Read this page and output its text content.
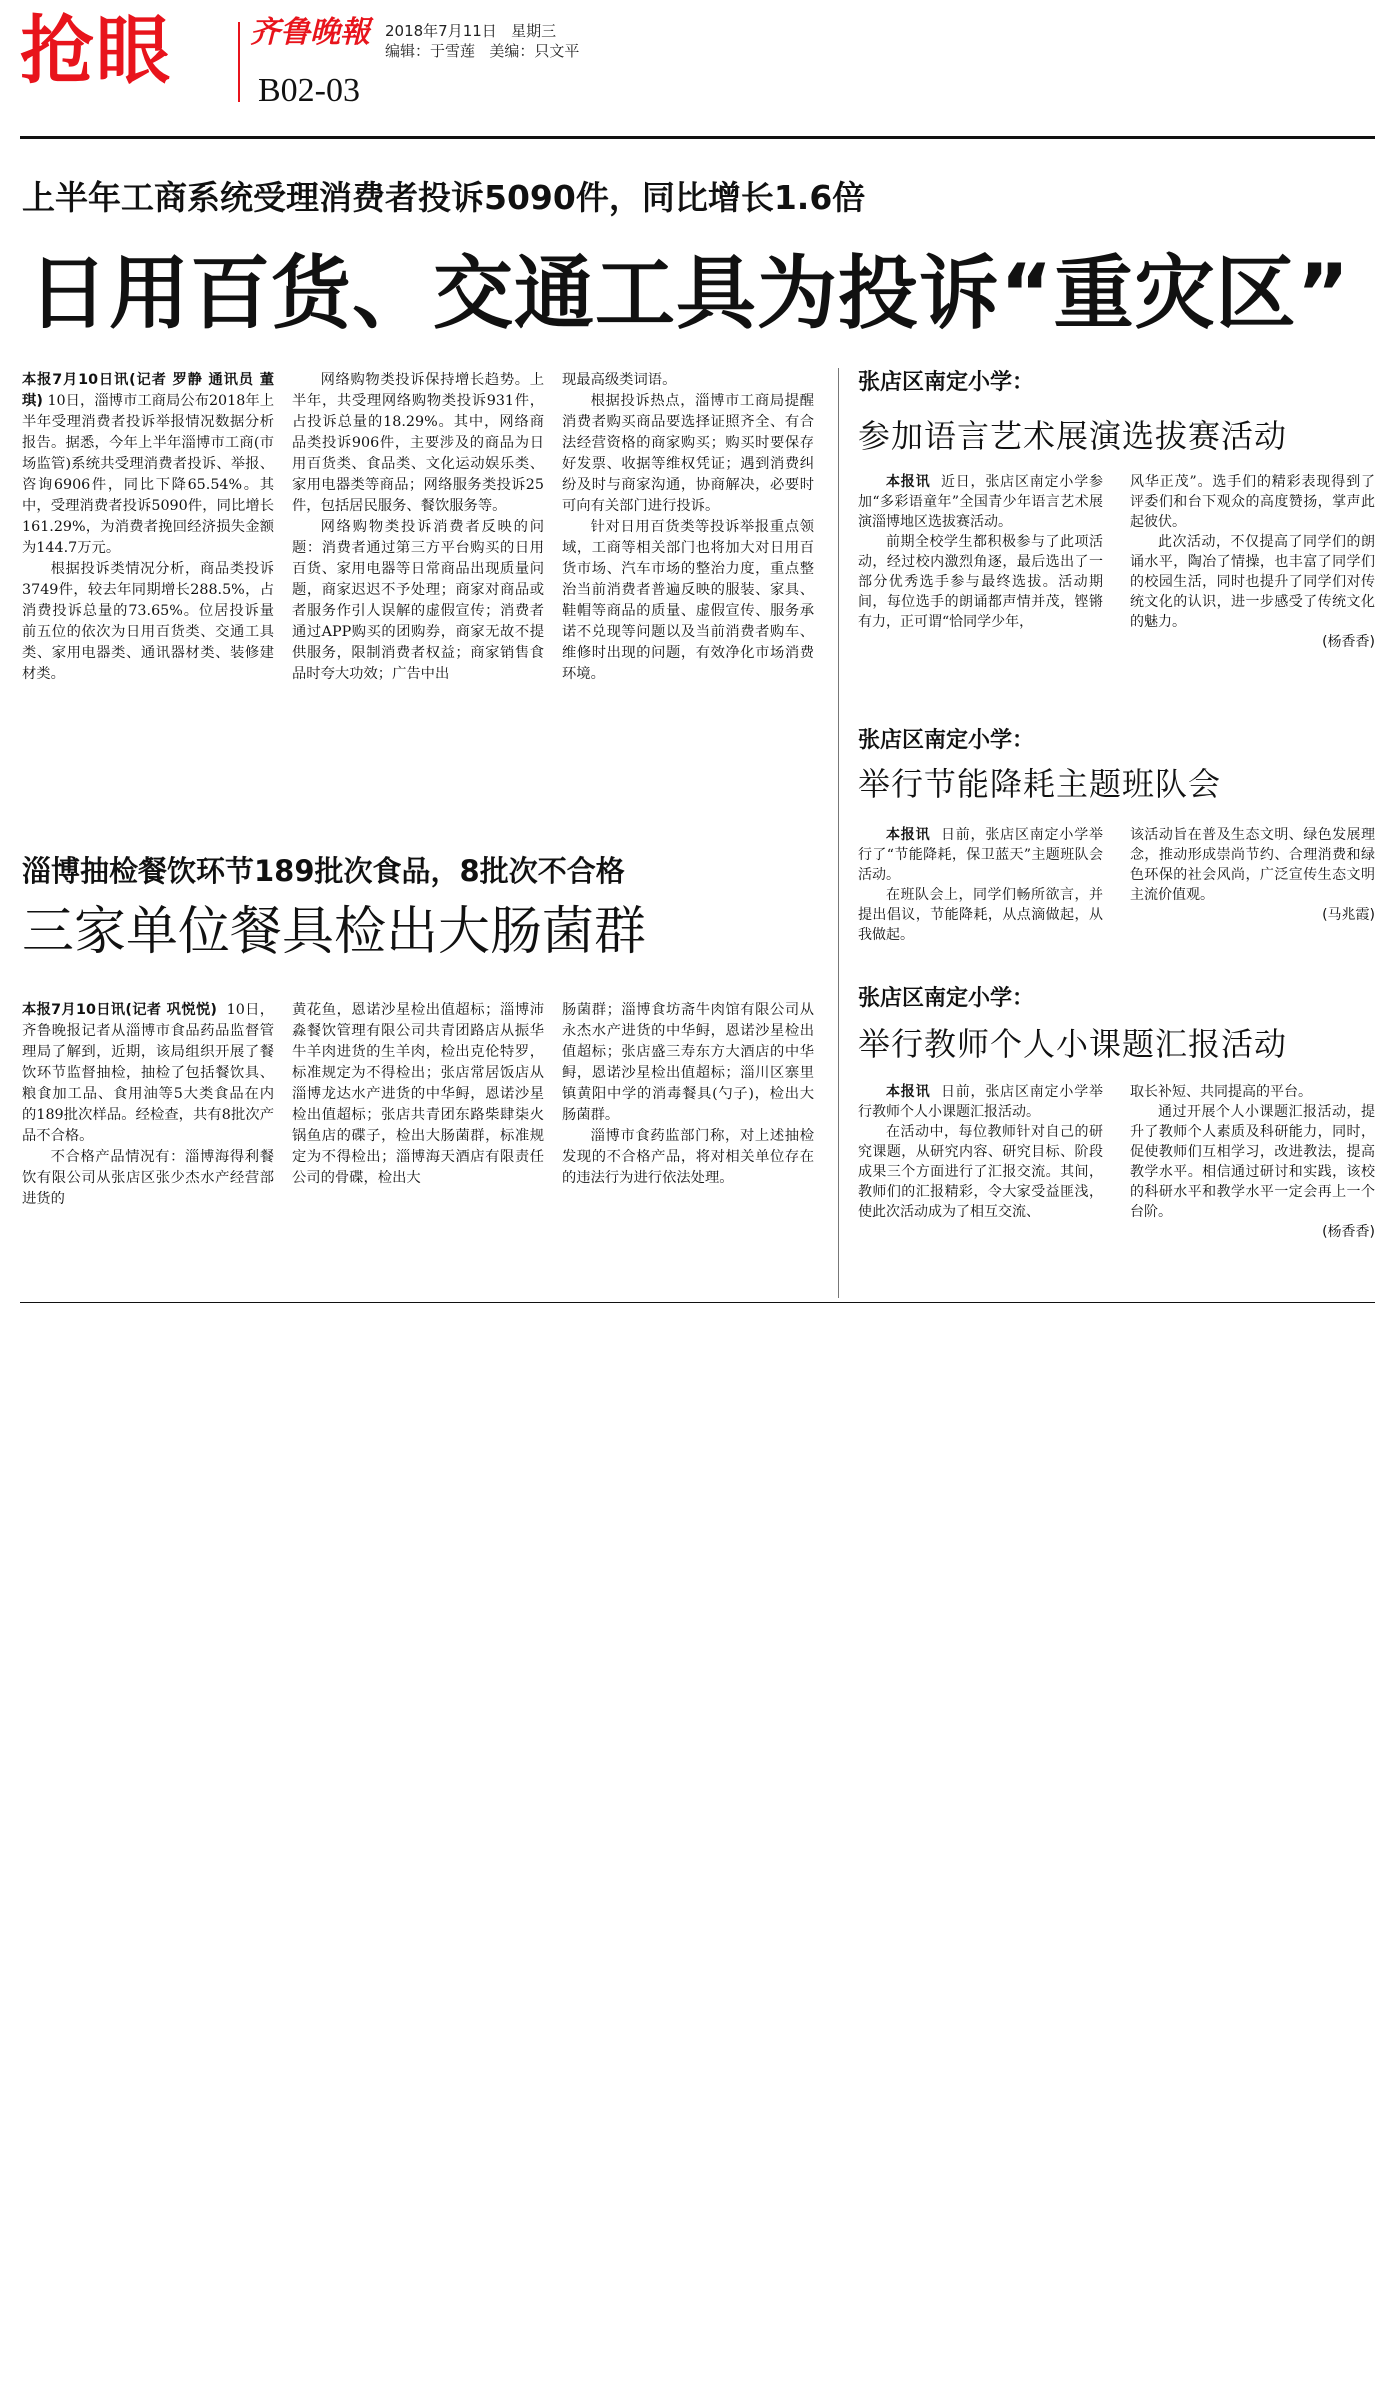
抢眼	齐鲁晚報
B02-03
2018年7月11日 星期三
编辑：于雪莲 美编：只文平
上半年工商系统受理消费者投诉5090件，同比增长1.6倍
日用百货、交通工具为投诉“重灾区”

本报7月10日讯(记者 罗静 通讯员 董琪) 10日，淄博市工商局公布2018年上半年受理消费者投诉举报情况数据分析报告。据悉，今年上半年淄博市工商(市场监管)系统共受理消费者投诉、举报、咨询6906件，同比下降65.54%。其中，受理消费者投诉5090件，同比增长161.29%，为消费者挽回经济损失金额为144.7万元。

根据投诉类情况分析，商品类投诉3749件，较去年同期增长288.5%，占消费投诉总量的73.65%。位居投诉量前五位的依次为日用百货类、交通工具类、家用电器类、通讯器材类、装修建材类。

网络购物类投诉保持增长趋势。上半年，共受理网络购物类投诉931件，占投诉总量的18.29%。其中，网络商品类投诉906件，主要涉及的商品为日用百货类、食品类、文化运动娱乐类、家用电器类等商品；网络服务类投诉25件，包括居民服务、餐饮服务等。

网络购物类投诉消费者反映的问题：消费者通过第三方平台购买的日用百货、家用电器等日常商品出现质量问题，商家迟迟不予处理；商家对商品或者服务作引人误解的虚假宣传；消费者通过APP购买的团购券，商家无故不提供服务，限制消费者权益；商家销售食品时夸大功效；广告中出

现最高级类词语。

根据投诉热点，淄博市工商局提醒消费者购买商品要选择证照齐全、有合法经营资格的商家购买；购买时要保存好发票、收据等维权凭证；遇到消费纠纷及时与商家沟通，协商解决，必要时可向有关部门进行投诉。

针对日用百货类等投诉举报重点领域，工商等相关部门也将加大对日用百货市场、汽车市场的整治力度，重点整治当前消费者普遍反映的服装、家具、鞋帽等商品的质量、虚假宣传、服务承诺不兑现等问题以及当前消费者购车、维修时出现的问题，有效净化市场消费环境。

淄博抽检餐饮环节189批次食品，8批次不合格
三家单位餐具检出大肠菌群

本报7月10日讯(记者 巩悦悦) 10日，齐鲁晚报记者从淄博市食品药品监督管理局了解到，近期，该局组织开展了餐饮环节监督抽检，抽检了包括餐饮具、粮食加工品、食用油等5大类食品在内的189批次样品。经检查，共有8批次产品不合格。

不合格产品情况有：淄博海得利餐饮有限公司从张店区张少杰水产经营部进货的

黄花鱼，恩诺沙星检出值超标；淄博沛淼餐饮管理有限公司共青团路店从振华牛羊肉进货的生羊肉，检出克伦特罗，标准规定为不得检出；张店常居饭店从淄博龙达水产进货的中华鲟，恩诺沙星检出值超标；张店共青团东路柴肆柒火锅鱼店的碟子，检出大肠菌群，标准规定为不得检出；淄博海天酒店有限责任公司的骨碟，检出大

肠菌群；淄博食坊斋牛肉馆有限公司从永杰水产进货的中华鲟，恩诺沙星检出值超标；张店盛三寿东方大酒店的中华鲟，恩诺沙星检出值超标；淄川区寨里镇黄阳中学的消毒餐具(勺子)，检出大肠菌群。

淄博市食药监部门称，对上述抽检发现的不合格产品，将对相关单位存在的违法行为进行依法处理。

张店区南定小学：
参加语言艺术展演选拔赛活动

本报讯 近日，张店区南定小学参加“多彩语童年”全国青少年语言艺术展演淄博地区选拔赛活动。

前期全校学生都积极参与了此项活动，经过校内激烈角逐，最后选出了一部分优秀选手参与最终选拔。活动期间，每位选手的朗诵都声情并茂，铿锵有力，正可谓“恰同学少年，

风华正茂”。选手们的精彩表现得到了评委们和台下观众的高度赞扬，掌声此起彼伏。

此次活动，不仅提高了同学们的朗诵水平，陶冶了情操，也丰富了同学们的校园生活，同时也提升了同学们对传统文化的认识，进一步感受了传统文化的魅力。

(杨香香)
张店区南定小学：
举行节能降耗主题班队会

本报讯 日前，张店区南定小学举行了“节能降耗，保卫蓝天”主题班队会活动。

在班队会上，同学们畅所欲言，并提出倡议，节能降耗，从点滴做起，从我做起。

该活动旨在普及生态文明、绿色发展理念，推动形成崇尚节约、合理消费和绿色环保的社会风尚，广泛宣传生态文明主流价值观。

(马兆霞)
张店区南定小学：
举行教师个人小课题汇报活动

本报讯 日前，张店区南定小学举行教师个人小课题汇报活动。

在活动中，每位教师针对自己的研究课题，从研究内容、研究目标、阶段成果三个方面进行了汇报交流。其间，教师们的汇报精彩，令大家受益匪浅，使此次活动成为了相互交流、

取长补短、共同提高的平台。

通过开展个人小课题汇报活动，提升了教师个人素质及科研能力，同时，促使教师们互相学习，改进教法，提高教学水平。相信通过研讨和实践，该校的科研水平和教学水平一定会再上一个台阶。

(杨香香)
